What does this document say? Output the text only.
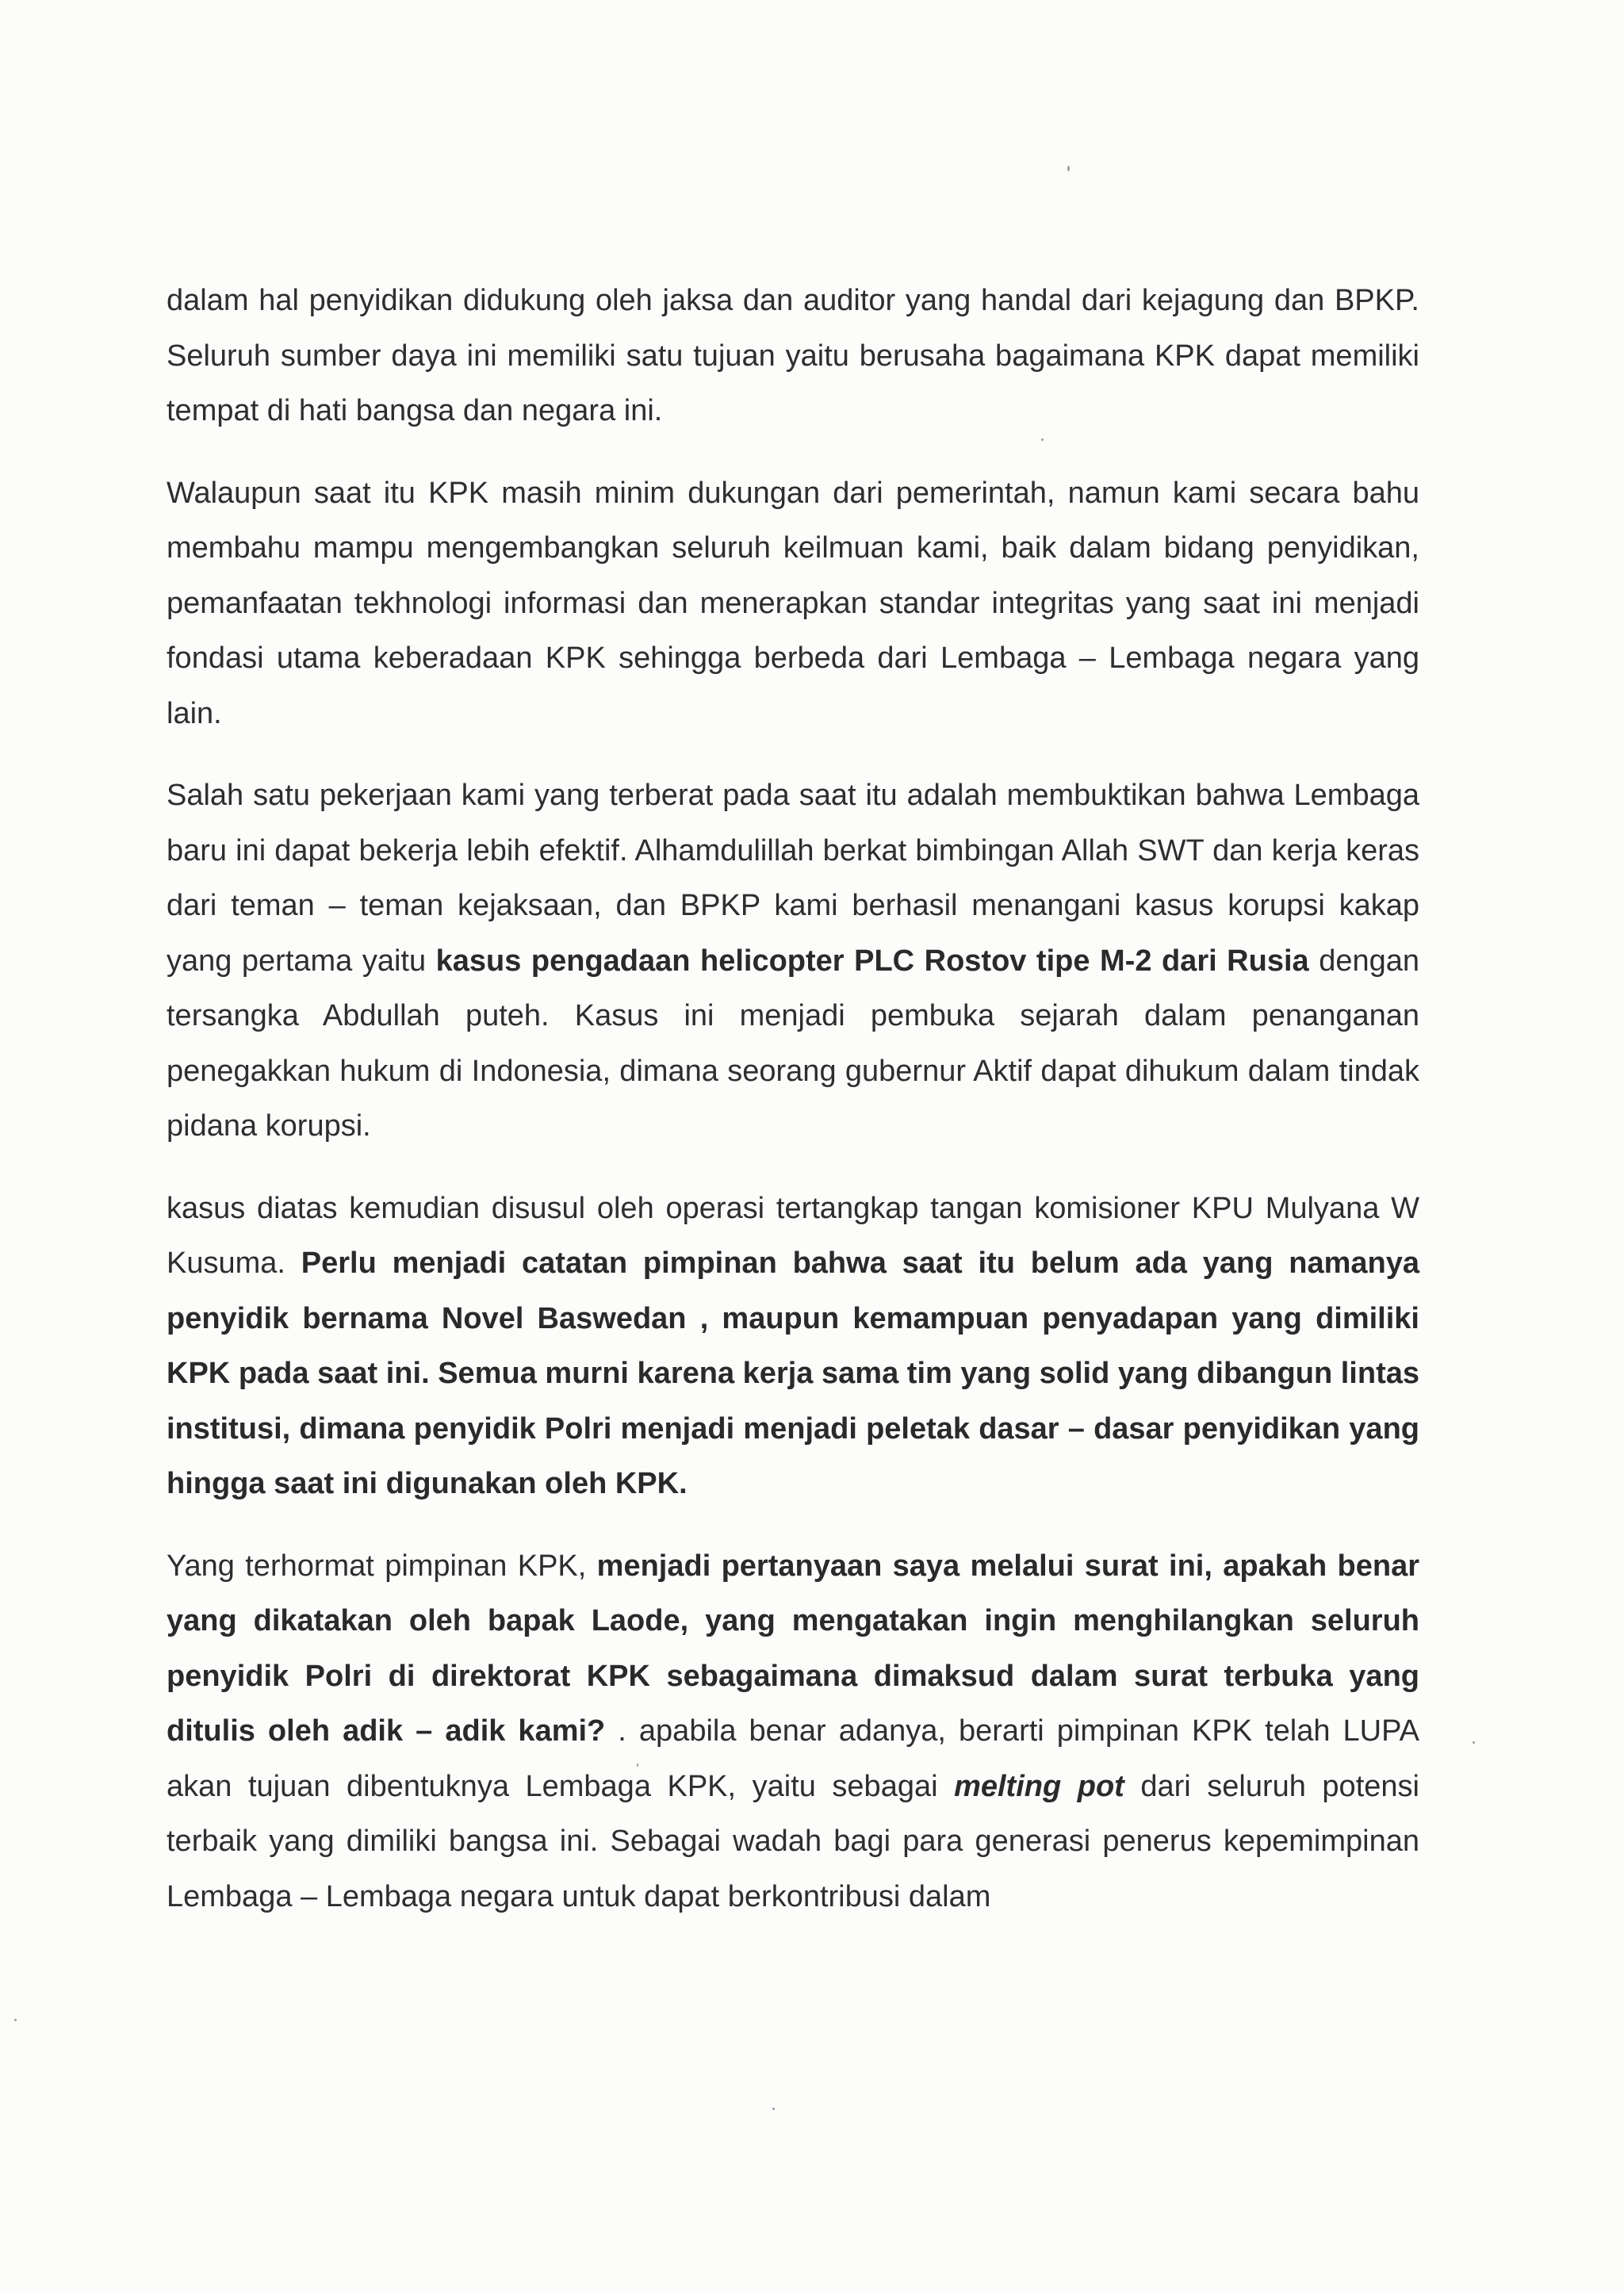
dalam hal penyidikan didukung oleh jaksa dan auditor yang handal dari kejagung dan BPKP. Seluruh sumber daya ini memiliki satu tujuan yaitu berusaha bagaimana KPK dapat memiliki tempat di hati bangsa dan negara ini.

Walaupun saat itu KPK masih minim dukungan dari pemerintah, namun kami secara bahu membahu mampu mengembangkan seluruh keilmuan kami, baik dalam bidang penyidikan, pemanfaatan tekhnologi informasi dan menerapkan standar integritas yang saat ini menjadi fondasi utama keberadaan KPK sehingga berbeda dari Lembaga – Lembaga negara yang lain.

Salah satu pekerjaan kami yang terberat pada saat itu adalah membuktikan bahwa Lembaga baru ini dapat bekerja lebih efektif. Alhamdulillah berkat bimbingan Allah SWT dan kerja keras dari teman – teman kejaksaan, dan BPKP kami berhasil menangani kasus korupsi kakap yang pertama yaitu kasus pengadaan helicopter PLC Rostov tipe M-2 dari Rusia dengan tersangka Abdullah puteh. Kasus ini menjadi pembuka sejarah dalam penanganan penegakkan hukum di Indonesia, dimana seorang gubernur Aktif dapat dihukum dalam tindak pidana korupsi.

kasus diatas kemudian disusul oleh operasi tertangkap tangan komisioner KPU Mulyana W Kusuma. Perlu menjadi catatan pimpinan bahwa saat itu belum ada yang namanya penyidik bernama Novel Baswedan , maupun kemampuan penyadapan yang dimiliki KPK pada saat ini. Semua murni karena kerja sama tim yang solid yang dibangun lintas institusi, dimana penyidik Polri menjadi menjadi peletak dasar – dasar penyidikan yang hingga saat ini digunakan oleh KPK.

Yang terhormat pimpinan KPK, menjadi pertanyaan saya melalui surat ini, apakah benar yang dikatakan oleh bapak Laode, yang mengatakan ingin menghilangkan seluruh penyidik Polri di direktorat KPK sebagaimana dimaksud dalam surat terbuka yang ditulis oleh adik – adik kami? . apabila benar adanya, berarti pimpinan KPK telah LUPA akan tujuan dibentuknya Lembaga KPK, yaitu sebagai melting pot dari seluruh potensi terbaik yang dimiliki bangsa ini. Sebagai wadah bagi para generasi penerus kepemimpinan Lembaga – Lembaga negara untuk dapat berkontribusi dalam
